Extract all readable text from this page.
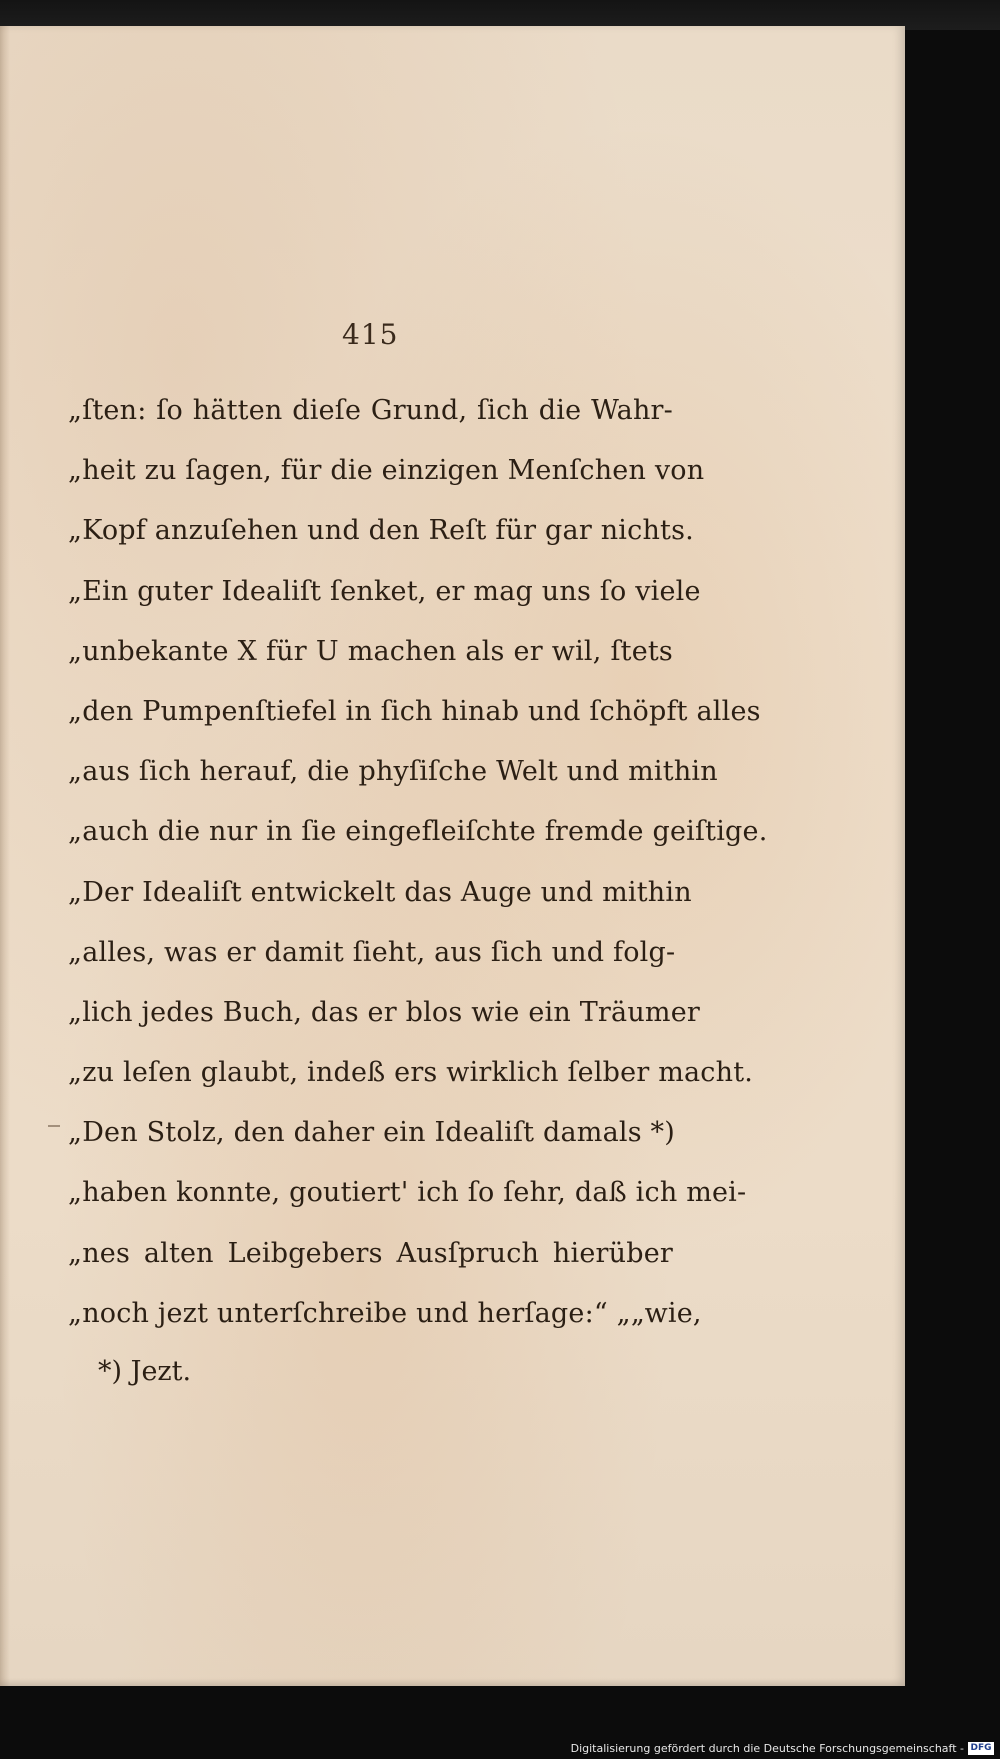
415
„ſten: ſo hätten dieſe Grund, ſich die Wahr-
„heit zu ſagen, für die einzigen Menſchen von
„Kopf anzuſehen und den Reſt für gar nichts.
„Ein guter Idealiſt ſenket, er mag uns ſo viele
„unbekante X für U machen als er wil, ſtets
„den Pumpenſtiefel in ſich hinab und ſchöpft alles
„aus ſich herauf, die phyſiſche Welt und mithin
„auch die nur in ſie eingefleiſchte fremde geiſtige.
„Der Idealiſt entwickelt das Auge und mithin
„alles, was er damit ſieht, aus ſich und folg-
„lich jedes Buch, das er blos wie ein Träumer
„zu leſen glaubt, indeß ers wirklich ſelber macht.
„Den Stolz, den daher ein Idealiſt damals *)
„haben konnte, goutiert' ich ſo ſehr, daß ich mei-
„nes alten Leibgebers Ausſpruch hierüber
„noch jezt unterſchreibe und herſage:“ „„wie,
*) Jezt.
Digitalisierung gefördert durch die Deutsche Forschungsgemeinschaft - DFG
